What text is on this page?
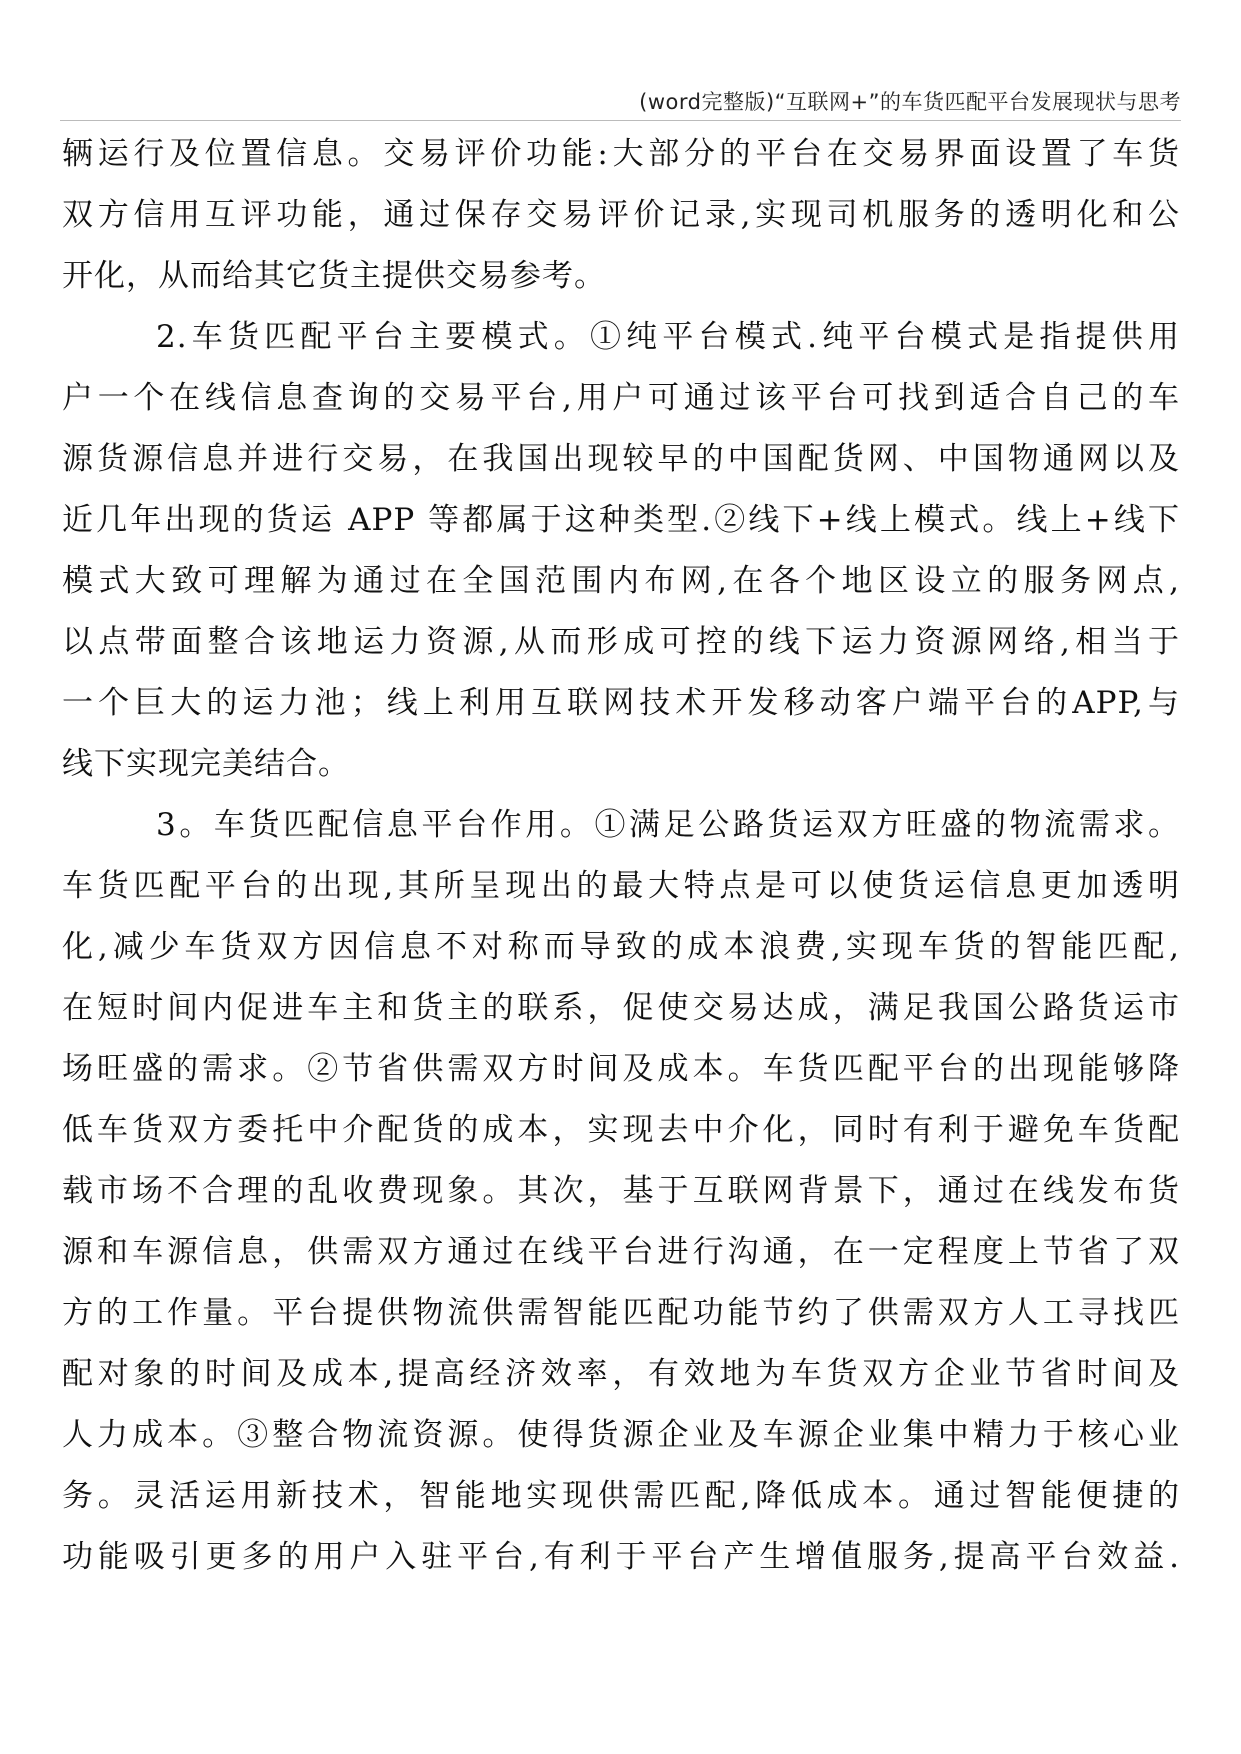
(word完整版)“互联网+”的车货匹配平台发展现状与思考
辆运行及位置信息。交易评价功能:大部分的平台在交易界面设置了车货
双方信用互评功能，通过保存交易评价记录,实现司机服务的透明化和公
开化，从而给其它货主提供交易参考。
2.车货匹配平台主要模式。①纯平台模式.纯平台模式是指提供用
户一个在线信息查询的交易平台,用户可通过该平台可找到适合自己的车
源货源信息并进行交易，在我国出现较早的中国配货网、中国物通网以及
近几年出现的货运 APP 等都属于这种类型.②线下+线上模式。线上+线下
模式大致可理解为通过在全国范围内布网,在各个地区设立的服务网点,
以点带面整合该地运力资源,从而形成可控的线下运力资源网络,相当于
一个巨大的运力池；线上利用互联网技术开发移动客户端平台的APP,与
线下实现完美结合。
3。车货匹配信息平台作用。①满足公路货运双方旺盛的物流需求。
车货匹配平台的出现,其所呈现出的最大特点是可以使货运信息更加透明
化,减少车货双方因信息不对称而导致的成本浪费,实现车货的智能匹配,
在短时间内促进车主和货主的联系，促使交易达成，满足我国公路货运市
场旺盛的需求。②节省供需双方时间及成本。车货匹配平台的出现能够降
低车货双方委托中介配货的成本，实现去中介化，同时有利于避免车货配
载市场不合理的乱收费现象。其次，基于互联网背景下，通过在线发布货
源和车源信息，供需双方通过在线平台进行沟通，在一定程度上节省了双
方的工作量。平台提供物流供需智能匹配功能节约了供需双方人工寻找匹
配对象的时间及成本,提高经济效率，有效地为车货双方企业节省时间及
人力成本。③整合物流资源。使得货源企业及车源企业集中精力于核心业
务。灵活运用新技术，智能地实现供需匹配,降低成本。通过智能便捷的
功能吸引更多的用户入驻平台,有利于平台产生增值服务,提高平台效益.
